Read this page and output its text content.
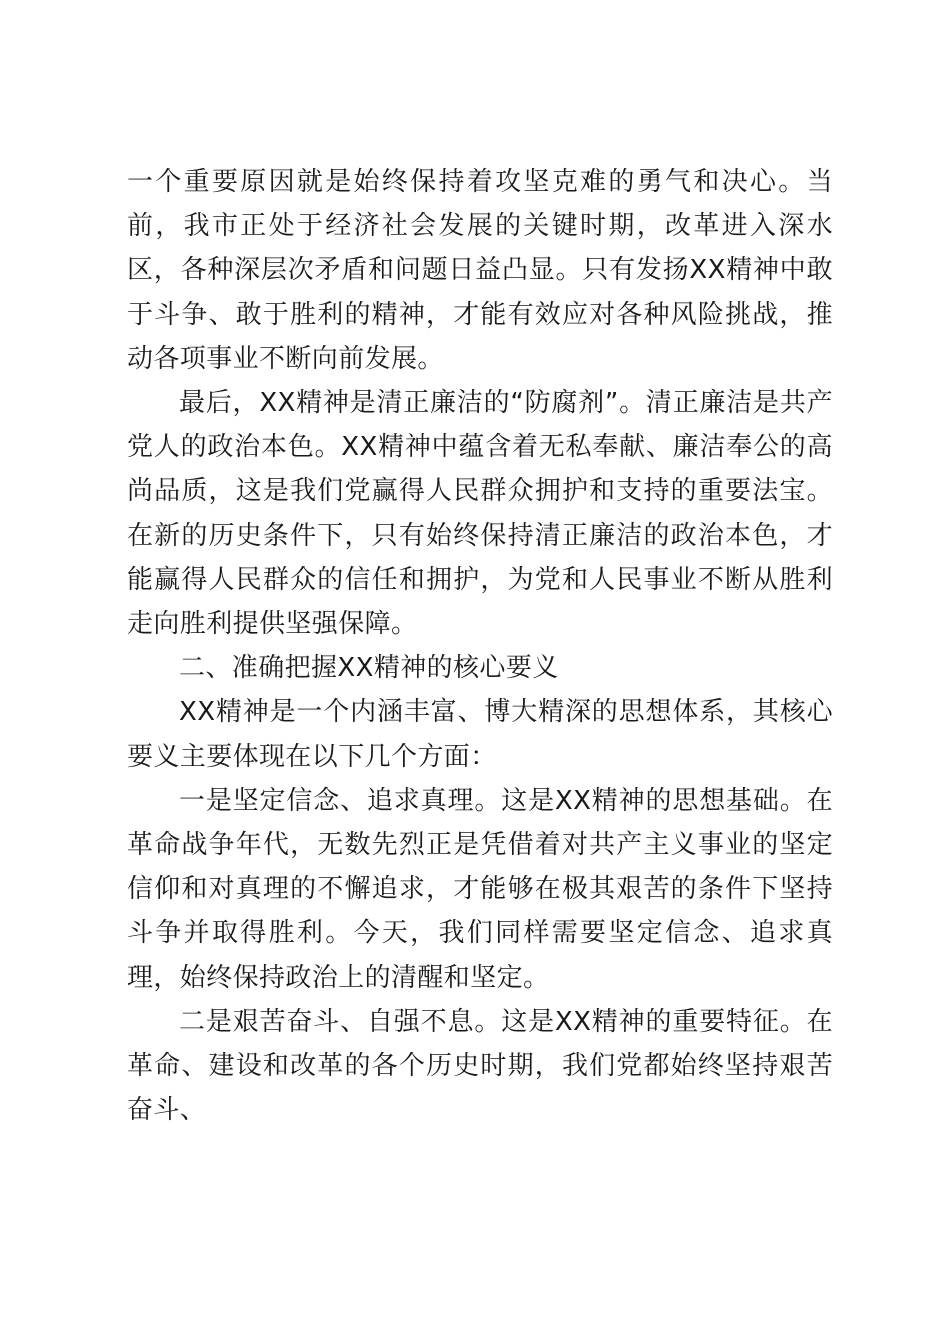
一个重要原因就是始终保持着攻坚克难的勇气和决心。当前，我市正处于经济社会发展的关键时期，改革进入深水区，各种深层次矛盾和问题日益凸显。只有发扬XX精神中敢于斗争、敢于胜利的精神，才能有效应对各种风险挑战，推动各项事业不断向前发展。

最后，XX精神是清正廉洁的“防腐剂”。清正廉洁是共产党人的政治本色。XX精神中蕴含着无私奉献、廉洁奉公的高尚品质，这是我们党赢得人民群众拥护和支持的重要法宝。在新的历史条件下，只有始终保持清正廉洁的政治本色，才能赢得人民群众的信任和拥护，为党和人民事业不断从胜利走向胜利提供坚强保障。

二、准确把握XX精神的核心要义

XX精神是一个内涵丰富、博大精深的思想体系，其核心要义主要体现在以下几个方面：

一是坚定信念、追求真理。这是XX精神的思想基础。在革命战争年代，无数先烈正是凭借着对共产主义事业的坚定信仰和对真理的不懈追求，才能够在极其艰苦的条件下坚持斗争并取得胜利。今天，我们同样需要坚定信念、追求真理，始终保持政治上的清醒和坚定。

二是艰苦奋斗、自强不息。这是XX精神的重要特征。在革命、建设和改革的各个历史时期，我们党都始终坚持艰苦奋斗、
